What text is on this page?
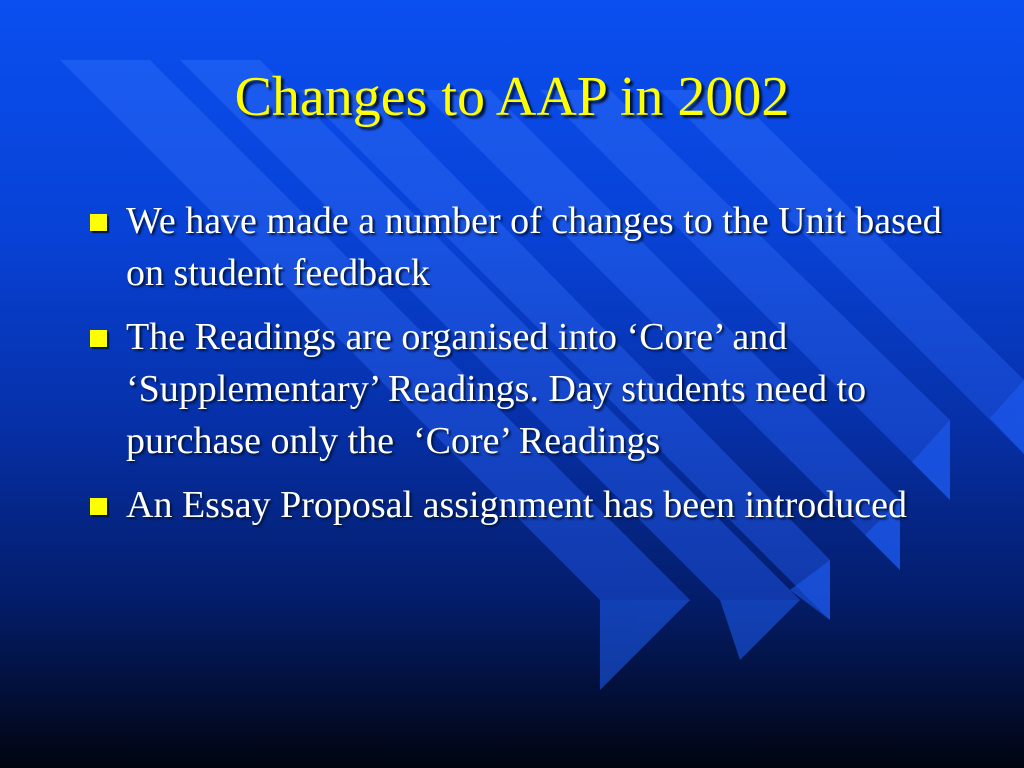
Changes to AAP in 2002
We have made a number of changes to the Unit based on student feedback
The Readings are organised into ‘Core’ and ‘Supplementary’ Readings. Day students need to purchase only the  ‘Core’ Readings
An Essay Proposal assignment has been introduced
